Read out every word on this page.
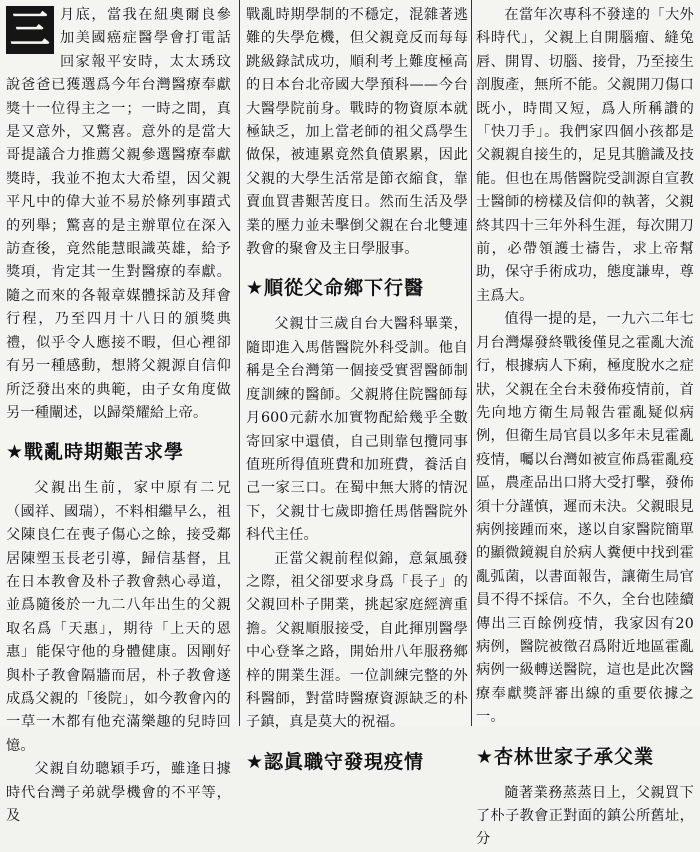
三 月底，當我在紐奧爾良參加美國癌症醫學會打電話回家報平安時，太太琇玟說爸爸已獲選爲今年台灣醫療奉獻獎十一位得主之一；一時之間，真是又意外，又驚喜。意外的是當大哥提議合力推薦父親參選醫療奉獻獎時，我並不抱太大希望，因父親平凡中的偉大並不易於條列事蹟式的列舉；驚喜的是主辦單位在深入訪查後，竟然能慧眼識英雄，給予獎項，肯定其一生對醫療的奉獻。隨之而來的各報章媒體採訪及拜會行程，乃至四月十八日的頒獎典禮，似乎令人應接不暇，但心裡卻有另一種感動，想將父親源自信仰所泛發出來的典範，由子女角度做另一種闡述，以歸榮耀給上帝。

★戰亂時期艱苦求學

父親出生前，家中原有二兄（國祥、國瑞），不料相繼早么，祖父陳良仁在喪子傷心之餘，接受鄰居陳塑玉長老引導，歸信基督，且在日本教會及朴子教會熱心尋道，並爲隨後於一九二八年出生的父親取名爲「天惠」，期待「上天的恩惠」能保守他的身體健康。因剛好與朴子教會隔牆而居，朴子教會遂成爲父親的「後院」，如今教會內的一草一木都有他充滿樂趣的兒時回憶。

父親自幼聰穎手巧，雖逢日據時代台灣子弟就學機會的不平等，及

戰亂時期學制的不穩定，混雜著逃難的失學危機，但父親竟反而每每跳級錄試成功，順利考上難度極高的日本台北帝國大學預科——今台大醫學院前身。戰時的物資原本就極缺乏，加上當老師的祖父爲學生做保，被連累竟然負債累累，因此父親的大學生活常是節衣縮食，靠賣血買書艱苦度日。然而生活及學業的壓力並未擊倒父親在台北雙連教會的聚會及主日學服事。

★順從父命鄉下行醫

父親廿三歲自台大醫科畢業，隨即進入馬偕醫院外科受訓。他自稱是全台灣第一個接受實習醫師制度訓練的醫師。父親將住院醫師每月600元薪水加實物配給幾乎全數寄回家中還債，自己則靠包攬同事值班所得值班費和加班費，養活自己一家三口。在蜀中無大將的情況下，父親廿七歲即擔任馬偕醫院外科代主任。

正當父親前程似錦，意氣風發之際，祖父卻要求身爲「長子」的父親回朴子開業，挑起家庭經濟重擔。父親順服接受，自此揮別醫學中心登峯之路，開始卅八年服務鄉梓的開業生涯。一位訓練完整的外科醫師，對當時醫療資源缺乏的朴子鎮，真是莫大的祝福。

★認眞職守發現疫情

在當年次專科不發達的「大外科時代」，父親上自開腦瘤、縫兔唇、開胃、切腦、接骨，乃至接生剖腹產，無所不能。父親開刀傷口既小，時間又短，爲人所稱讚的「快刀手」。我們家四個小孩都是父親親自接生的，足見其膽識及技能。但也在馬偕醫院受訓源自宣教士醫師的榜樣及信仰的執著，父親終其四十三年外科生涯，每次開刀前，必帶領護士禱告，求上帝幫助，保守手術成功，態度謙卑，尊主爲大。

值得一提的是，一九六二年七月台灣爆發終戰後僅見之霍亂大流行，根據病人下痢，極度脫水之症狀，父親在全台未發佈疫情前，首先向地方衛生局報告霍亂疑似病例，但衛生局官員以多年未見霍亂疫情，囑以台灣如被宣佈爲霍亂疫區，農產品出口將大受打擊，發佈須十分謹慎，遲而未決。父親眼見病例接踵而來，遂以自家醫院簡單的顯微鏡親自於病人糞便中找到霍亂弧菌，以書面報告，讓衛生局官員不得不採信。不久，全台也陸續傳出三百餘例疫情，我家因有20病例，醫院被徵召爲附近地區霍亂病例一級轉送醫院，這也是此次醫療奉獻獎評審出線的重要依據之一。

★杏林世家子承父業

隨著業務蒸蒸日上，父親買下了朴子教會正對面的鎮公所舊址，分
